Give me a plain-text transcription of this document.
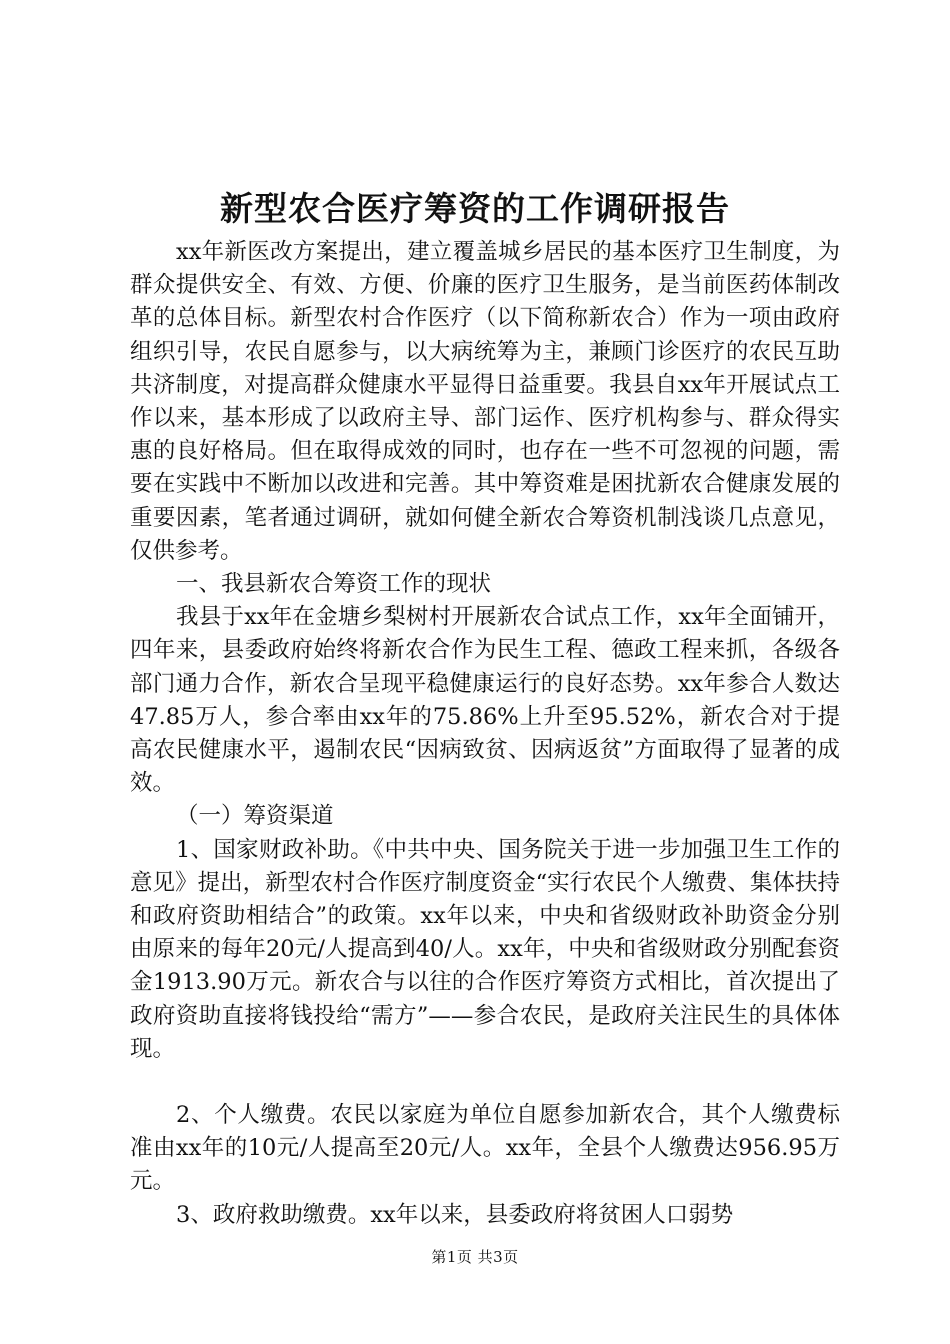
新型农合医疗筹资的工作调研报告

xx年新医改方案提出，建立覆盖城乡居民的基本医疗卫生制度，为群众提供安全、有效、方便、价廉的医疗卫生服务，是当前医药体制改革的总体目标。新型农村合作医疗（以下简称新农合）作为一项由政府组织引导，农民自愿参与，以大病统筹为主，兼顾门诊医疗的农民互助共济制度，对提高群众健康水平显得日益重要。我县自xx年开展试点工作以来，基本形成了以政府主导、部门运作、医疗机构参与、群众得实惠的良好格局。但在取得成效的同时，也存在一些不可忽视的问题，需要在实践中不断加以改进和完善。其中筹资难是困扰新农合健康发展的重要因素，笔者通过调研，就如何健全新农合筹资机制浅谈几点意见，仅供参考。

一、我县新农合筹资工作的现状

我县于xx年在金塘乡梨树村开展新农合试点工作，xx年全面铺开，四年来，县委政府始终将新农合作为民生工程、德政工程来抓，各级各部门通力合作，新农合呈现平稳健康运行的良好态势。xx年参合人数达47.85万人，参合率由xx年的75.86%上升至95.52%，新农合对于提高农民健康水平，遏制农民“因病致贫、因病返贫”方面取得了显著的成效。

（一）筹资渠道

1、国家财政补助。《中共中央、国务院关于进一步加强卫生工作的意见》提出，新型农村合作医疗制度资金“实行农民个人缴费、集体扶持和政府资助相结合”的政策。xx年以来，中央和省级财政补助资金分别由原来的每年20元/人提高到40/人。xx年，中央和省级财政分别配套资金1913.90万元。新农合与以往的合作医疗筹资方式相比，首次提出了政府资助直接将钱投给“需方”——参合农民，是政府关注民生的具体体现。

2、个人缴费。农民以家庭为单位自愿参加新农合，其个人缴费标准由xx年的10元/人提高至20元/人。xx年，全县个人缴费达956.95万元。

3、政府救助缴费。xx年以来，县委政府将贫困人口弱势

第1页 共3页
